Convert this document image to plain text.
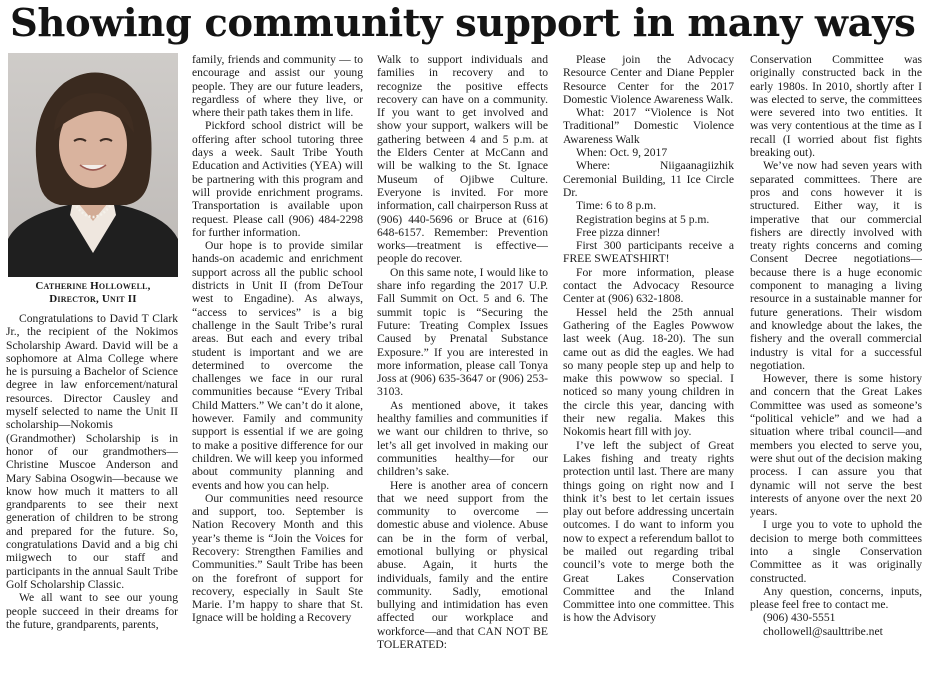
Showing community support in many ways
Catherine Hollowell,
Director, Unit II

Congratulations to David T Clark Jr., the recipient of the Nokimos Scholarship Award. David will be a sophomore at Alma College where he is pursuing a Bachelor of Science degree in law enforcement/natural resources. Director Causley and myself selected to name the Unit II scholarship—Nokomis (Grandmother) Scholarship is in honor of our grandmothers—Christine Muscoe Anderson and Mary Sabina Osogwin—because we know how much it matters to all grandparents to see their next generation of children to be strong and prepared for the future. So, congratulations David and a big chi miigwech to our staff and participants in the annual Sault Tribe Golf Scholarship Classic.

We all want to see our young people succeed in their dreams for the future, grandparents, parents,

family, friends and community — to encourage and assist our young people. They are our future leaders, regardless of where they live, or where their path takes them in life.

Pickford school district will be offering after school tutoring three days a week. Sault Tribe Youth Education and Activities (YEA) will be partnering with this program and will provide enrichment programs. Transportation is available upon request. Please call (906) 484-2298 for further information.

Our hope is to provide similar hands-on academic and enrichment support across all the public school districts in Unit II (from DeTour west to Engadine). As always, “access to services” is a big challenge in the Sault Tribe’s rural areas. But each and every tribal student is important and we are determined to overcome the challenges we face in our rural communities because “Every Tribal Child Matters.” We can’t do it alone, however. Family and community support is essential if we are going to make a positive difference for our children. We will keep you informed about community planning and events and how you can help.

Our communities need resource and support, too. September is Nation Recovery Month and this year’s theme is “Join the Voices for Recovery: Strengthen Families and Communities.” Sault Tribe has been on the forefront of support for recovery, especially in Sault Ste Marie. I’m happy to share that St. Ignace will be holding a Recovery

Walk to support individuals and families in recovery and to recognize the positive effects recovery can have on a community. If you want to get involved and show your support, walkers will be gathering between 4 and 5 p.m. at the Elders Center at McCann and will be walking to the St. Ignace Museum of Ojibwe Culture. Everyone is invited. For more information, call chairperson Russ at (906) 440-5696 or Bruce at (616) 648-6157. Remember: Prevention works—treatment is effective—people do recover.

On this same note, I would like to share info regarding the 2017 U.P. Fall Summit on Oct. 5 and 6. The summit topic is “Securing the Future: Treating Complex Issues Caused by Prenatal Substance Exposure.” If you are interested in more information, please call Tonya Joss at (906) 635-3647 or (906) 253-3103.

As mentioned above, it takes healthy families and communities if we want our children to thrive, so let’s all get involved in making our communities healthy—for our children’s sake.

Here is another area of concern that we need support from the community to overcome — domestic abuse and violence. Abuse can be in the form of verbal, emotional bullying or physical abuse. Again, it hurts the individuals, family and the entire community. Sadly, emotional bullying and intimidation has even affected our workplace and workforce—and that CAN NOT BE TOLERATED:

Please join the Advocacy Resource Center and Diane Peppler Resource Center for the 2017 Domestic Violence Awareness Walk.

What: 2017 “Violence is Not Traditional” Domestic Violence Awareness Walk

When: Oct. 9, 2017

Where: Niigaanagiizhik Ceremonial Building, 11 Ice Circle Dr.

Time: 6 to 8 p.m.

Registration begins at 5 p.m.

Free pizza dinner!

First 300 participants receive a FREE SWEATSHIRT!

For more information, please contact the Advocacy Resource Center at (906) 632-1808.

Hessel held the 25th annual Gathering of the Eagles Powwow last week (Aug. 18-20). The sun came out as did the eagles. We had so many people step up and help to make this powwow so special. I noticed so many young children in the circle this year, dancing with their new regalia. Makes this Nokomis heart fill with joy.

I’ve left the subject of Great Lakes fishing and treaty rights protection until last. There are many things going on right now and I think it’s best to let certain issues play out before addressing uncertain outcomes. I do want to inform you now to expect a referendum ballot to be mailed out regarding tribal council’s vote to merge both the Great Lakes Conservation Committee and the Inland Committee into one committee. This is how the Advisory

Conservation Committee was originally constructed back in the early 1980s. In 2010, shortly after I was elected to serve, the committees were severed into two entities. It was very contentious at the time as I recall (I worried about fist fights breaking out).

We’ve now had seven years with separated committees. There are pros and cons however it is structured. Either way, it is imperative that our commercial fishers are directly involved with treaty rights concerns and coming Consent Decree negotiations—because there is a huge economic component to managing a living resource in a sustainable manner for future generations. Their wisdom and knowledge about the lakes, the fishery and the overall commercial industry is vital for a successful negotiation.

However, there is some history and concern that the Great Lakes Committee was used as someone’s “political vehicle” and we had a situation where tribal council—and members you elected to serve you, were shut out of the decision making process. I can assure you that dynamic will not serve the best interests of anyone over the next 20 years.

I urge you to vote to uphold the decision to merge both committees into a single Conservation Committee as it was originally constructed.

Any question, concerns, inputs, please feel free to contact me.

(906) 430-5551

chollowell@saulttribe.net
